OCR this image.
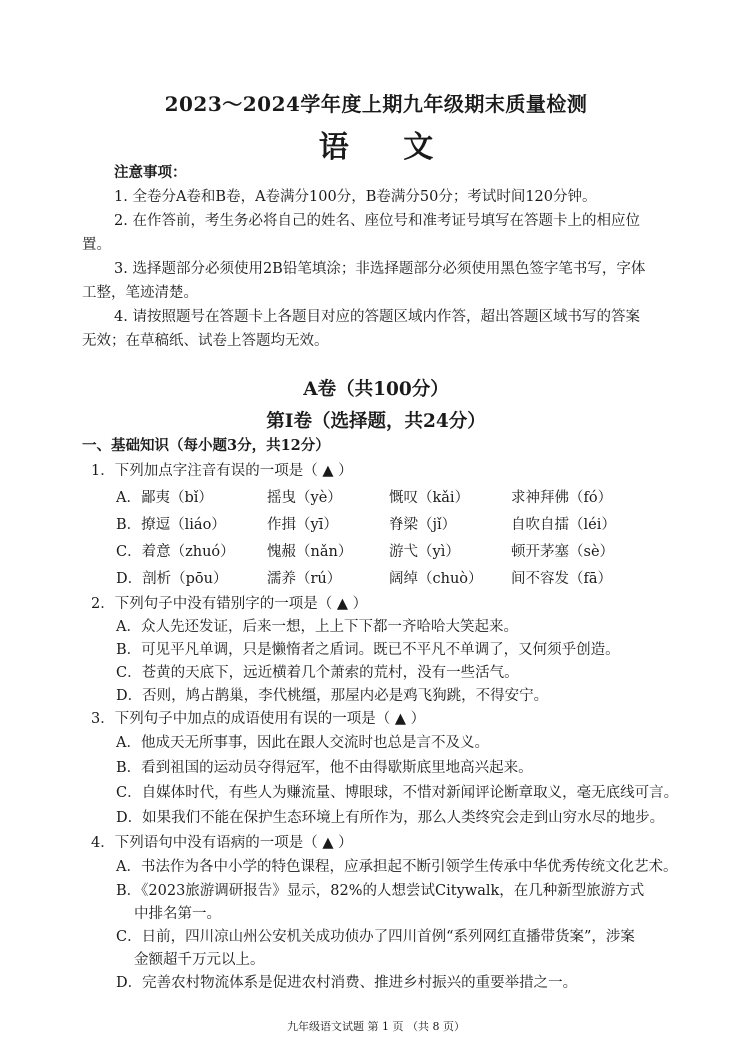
2023～2024学年度上期九年级期末质量检测
语 文
注意事项：
1. 全卷分A卷和B卷，A卷满分100分，B卷满分50分；考试时间120分钟。
2. 在作答前，考生务必将自己的姓名、座位号和准考证号填写在答题卡上的相应位
置。
3. 选择题部分必须使用2B铅笔填涂；非选择题部分必须使用黑色签字笔书写，字体
工整，笔迹清楚。
4. 请按照题号在答题卡上各题目对应的答题区域内作答，超出答题区域书写的答案
无效；在草稿纸、试卷上答题均无效。
A卷（共100分）
第Ⅰ卷（选择题，共24分）
一、基础知识（每小题3分，共12分）
1．下列加点字注音有误的一项是（ ▲ ）
A．鄙夷（bǐ）	摇曳（yè）	慨叹（kǎi）	求神拜佛（fó）
B．撩逗（liáo）	作揖（yī）	脊梁（jǐ）	自吹自擂（léi）
C．着意（zhuó） 愧赧（nǎn）	游弋（yì）	顿开茅塞（sè）
D．剖析（pōu）	濡养（rú）	阔绰（chuò） 间不容发（fā）
2．下列句子中没有错别字的一项是（ ▲ ）
A．众人先还发证，后来一想，上上下下都一齐哈哈大笑起来。
B．可见平凡单调，只是懒惰者之盾词。既已不平凡不单调了，又何须乎创造。
C．苍黄的天底下，远近横着几个萧索的荒村，没有一些活气。
D．否则，鸠占鹊巢，李代桃缰，那屋内必是鸡飞狗跳，不得安宁。
3．下列句子中加点的成语使用有误的一项是（ ▲ ）
A．他成天无所事事，因此在跟人交流时也总是言不及义。
B．看到祖国的运动员夺得冠军，他不由得歇斯底里地高兴起来。
C．自媒体时代，有些人为赚流量、博眼球，不惜对新闻评论断章取义，毫无底线可言。
D．如果我们不能在保护生态环境上有所作为，那么人类终究会走到山穷水尽的地步。
4．下列语句中没有语病的一项是（ ▲ ）
A．书法作为各中小学的特色课程，应承担起不断引领学生传承中华优秀传统文化艺术。
B．《2023旅游调研报告》显示，82%的人想尝试Citywalk，在几种新型旅游方式
中排名第一。
C．日前，四川凉山州公安机关成功侦办了四川首例“系列网红直播带货案”，涉案
金额超千万元以上。
D．完善农村物流体系是促进农村消费、推进乡村振兴的重要举措之一。
九年级语文试题 第 1 页 （共 8 页）
